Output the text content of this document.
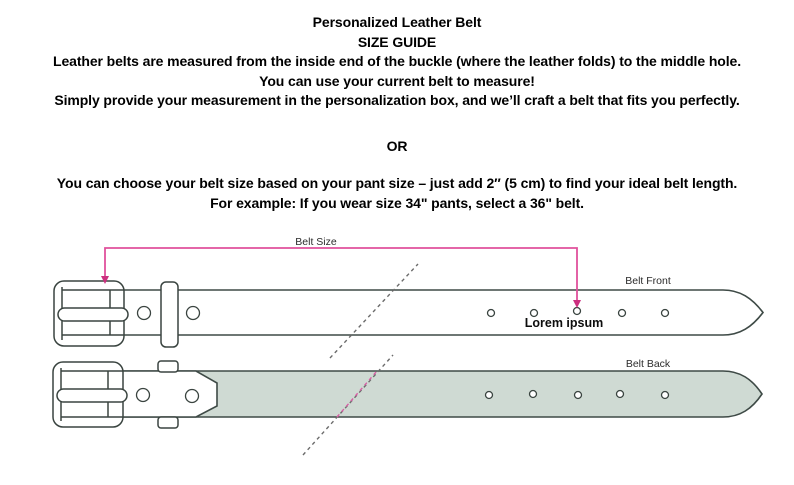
Personalized Leather Belt
SIZE GUIDE
Leather belts are measured from the inside end of the buckle (where the leather folds) to the middle hole.
You can use your current belt to measure!
Simply provide your measurement in the personalization box, and we’ll craft a belt that fits you perfectly.
OR
You can choose your belt size based on your pant size – just add 2″ (5 cm) to find your ideal belt length.
For example: If you wear size 34" pants, select a 36" belt.
Belt Front
Lorem ipsum
Belt Back
Belt Size
